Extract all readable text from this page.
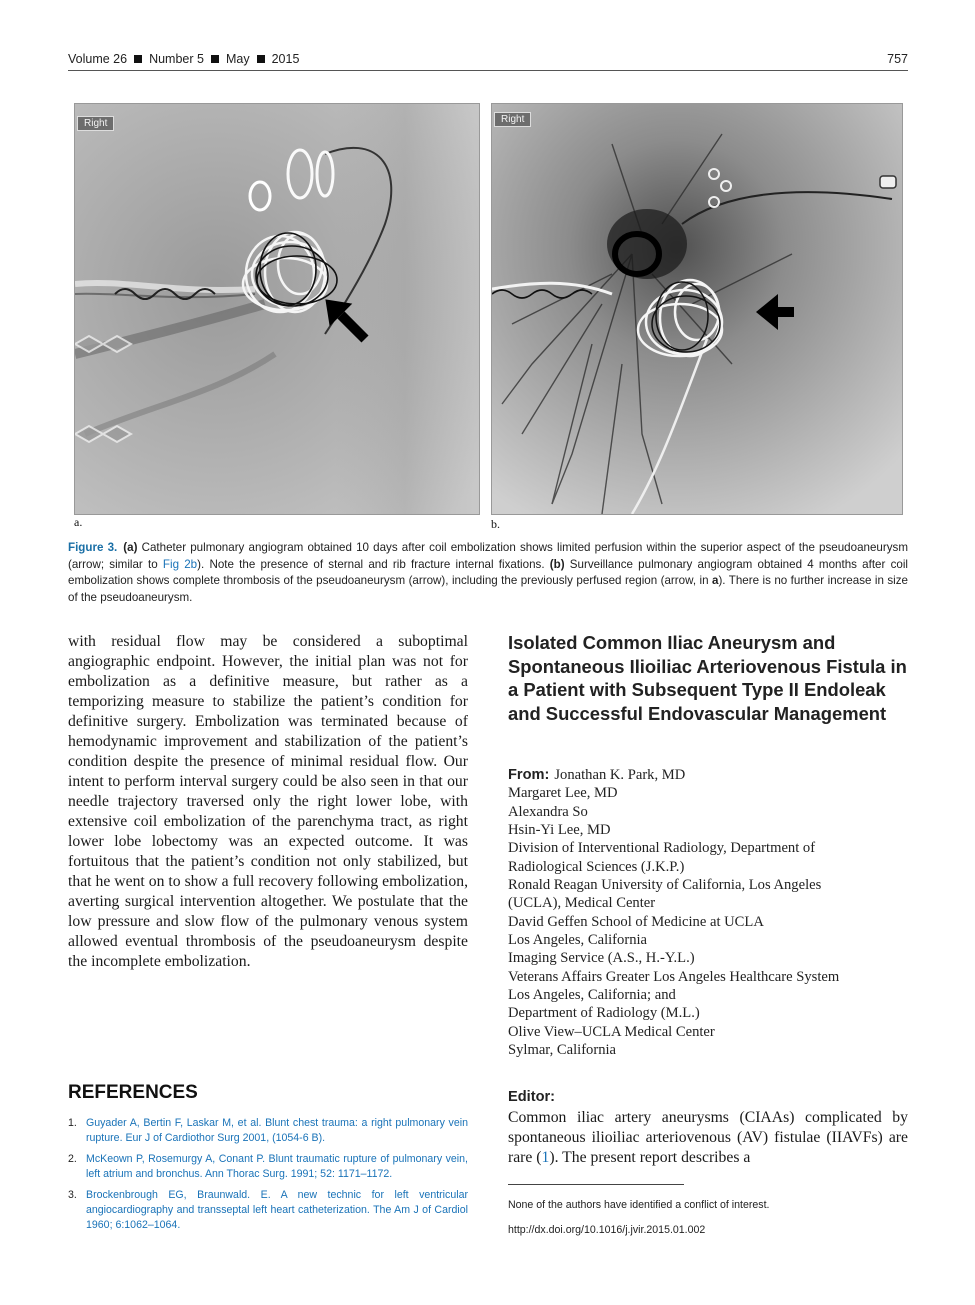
Volume 26 Number 5 May 2015	757
Right
a.
Right
b.
Figure 3. (a) Catheter pulmonary angiogram obtained 10 days after coil embolization shows limited perfusion within the superior aspect of the pseudoaneurysm (arrow; similar to Fig 2b). Note the presence of sternal and rib fracture internal fixations. (b) Surveillance pulmonary angiogram obtained 4 months after coil embolization shows complete thrombosis of the pseudoaneurysm (arrow), including the previously perfused region (arrow, in a). There is no further increase in size of the pseudoaneurysm.
with residual flow may be considered a suboptimal angiographic endpoint. However, the initial plan was not for embolization as a definitive measure, but rather as a temporizing measure to stabilize the patient’s condition for definitive surgery. Embolization was terminated because of hemodynamic improvement and stabilization of the patient’s condition despite the presence of minimal residual flow. Our intent to perform interval surgery could be also seen in that our needle trajectory traversed only the right lower lobe, with extensive coil embolization of the parenchyma tract, as right lower lobe lobectomy was an expected outcome. It was fortuitous that the patient’s condition not only stabilized, but that he went on to show a full recovery following embolization, averting surgical intervention altogether. We postulate that the low pressure and slow flow of the pulmonary venous system allowed eventual thrombosis of the pseudoaneurysm despite the incomplete embolization.
REFERENCES
1. Guyader A, Bertin F, Laskar M, et al. Blunt chest trauma: a right pulmonary vein rupture. Eur J of Cardiothor Surg 2001, (1054-6 B).
2. McKeown P, Rosemurgy A, Conant P. Blunt traumatic rupture of pulmonary vein, left atrium and bronchus. Ann Thorac Surg. 1991; 52: 1171–1172.
3. Brockenbrough EG, Braunwald. E. A new technic for left ventricular angiocardiography and transseptal left heart catheterization. The Am J of Cardiol 1960; 6:1062–1064.
Isolated Common Iliac Aneurysm and Spontaneous Ilioiliac Arteriovenous Fistula in a Patient with Subsequent Type II Endoleak and Successful Endovascular Management
From: Jonathan K. Park, MD
Margaret Lee, MD
Alexandra So
Hsin-Yi Lee, MD
Division of Interventional Radiology, Department of
Radiological Sciences (J.K.P.)
Ronald Reagan University of California, Los Angeles
(UCLA), Medical Center
David Geffen School of Medicine at UCLA
Los Angeles, California
Imaging Service (A.S., H.-Y.L.)
Veterans Affairs Greater Los Angeles Healthcare System
Los Angeles, California; and
Department of Radiology (M.L.)
Olive View–UCLA Medical Center
Sylmar, California
Editor:
Common iliac artery aneurysms (CIAAs) complicated by spontaneous ilioiliac arteriovenous (AV) fistulae (IIAVFs) are rare (1). The present report describes a
None of the authors have identified a conflict of interest.
http://dx.doi.org/10.1016/j.jvir.2015.01.002
